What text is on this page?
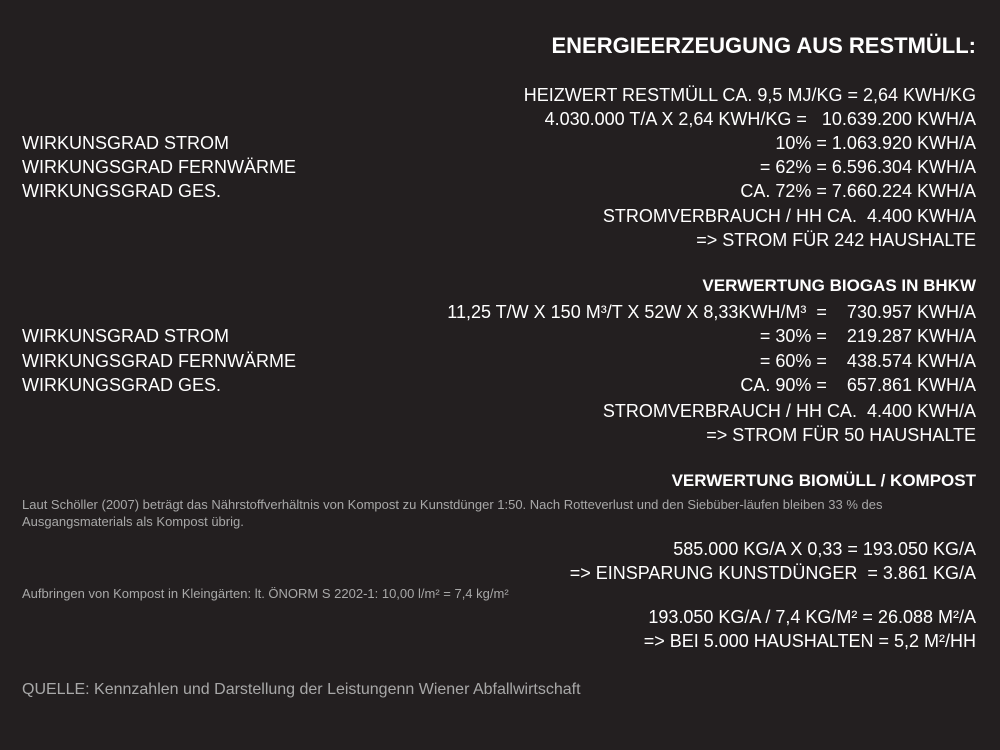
ENERGIEERZEUGUNG AUS RESTMÜLL:
HEIZWERT RESTMÜLL CA. 9,5 MJ/KG = 2,64 KWH/KG
4.030.000 T/A X 2,64 KWH/KG =   10.639.200 KWH/A
WIRKUNSGRAD STROM	10% = 1.063.920 KWH/A
WIRKUNGSGRAD FERNWÄRME	= 62% = 6.596.304 KWH/A
WIRKUNGSGRAD GES.	CA. 72% = 7.660.224 KWH/A
STROMVERBRAUCH / HH CA.  4.400 KWH/A
=> STROM FÜR 242 HAUSHALTE
VERWERTUNG BIOGAS IN BHKW
11,25 T/W X 150 M³/T X 52W X 8,33KWH/M³  =    730.957 KWH/A
WIRKUNSGRAD STROM	= 30% =    219.287 KWH/A
WIRKUNGSGRAD FERNWÄRME	= 60% =    438.574 KWH/A
WIRKUNGSGRAD GES.	CA. 90% =    657.861 KWH/A
STROMVERBRAUCH / HH CA.  4.400 KWH/A
=> STROM FÜR 50 HAUSHALTE
VERWERTUNG BIOMÜLL / KOMPOST
Laut Schöller (2007) beträgt das Nährstoffverhältnis von Kompost zu Kunstdünger 1:50. Nach Rotteverlust und den Siebüber-läufen bleiben 33 % des Ausgangsmaterials als Kompost übrig.
585.000 KG/A X 0,33 = 193.050 KG/A
=> EINSPARUNG KUNSTDÜNGER  = 3.861 KG/A
Aufbringen von Kompost in Kleingärten: lt. ÖNORM S 2202-1: 10,00 l/m² = 7,4 kg/m²
193.050 KG/A / 7,4 KG/M² = 26.088 M²/A
=> BEI 5.000 HAUSHALTEN = 5,2 M²/HH
QUELLE: Kennzahlen und Darstellung der Leistungenn Wiener Abfallwirtschaft
